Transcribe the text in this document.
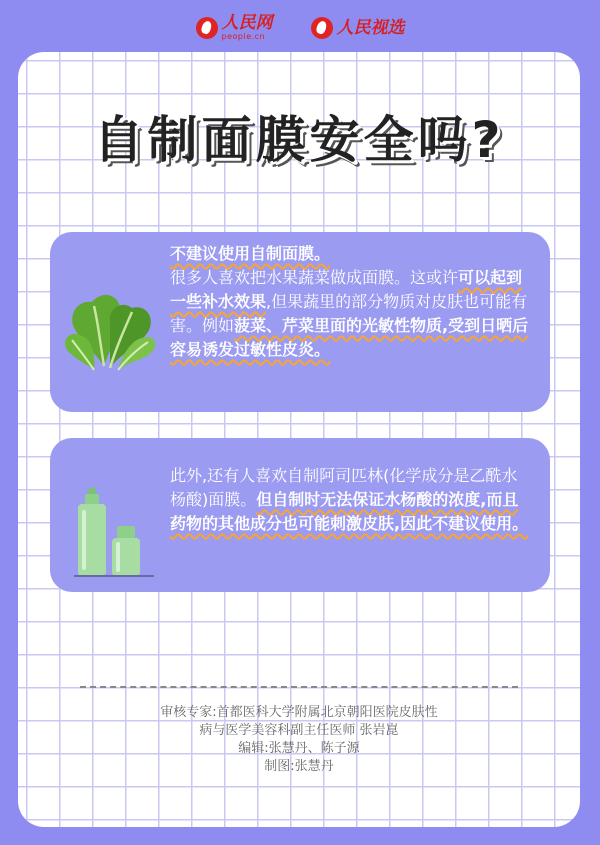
人民网
people.cn	人民视选
自制面膜安全吗?
不建议使用自制面膜。
很多人喜欢把水果蔬菜做成面膜。这或许可以起到一些补水效果,但果蔬里的部分物质对皮肤也可能有害。例如菠菜、芹菜里面的光敏性物质,受到日晒后容易诱发过敏性皮炎。
此外,还有人喜欢自制阿司匹林(化学成分是乙酰水杨酸)面膜。但自制时无法保证水杨酸的浓度,而且药物的其他成分也可能刺激皮肤,因此不建议使用。
审核专家:首都医科大学附属北京朝阳医院皮肤性
病与医学美容科副主任医师 张岩崑
编辑:张慧丹、陈子源
制图:张慧丹
